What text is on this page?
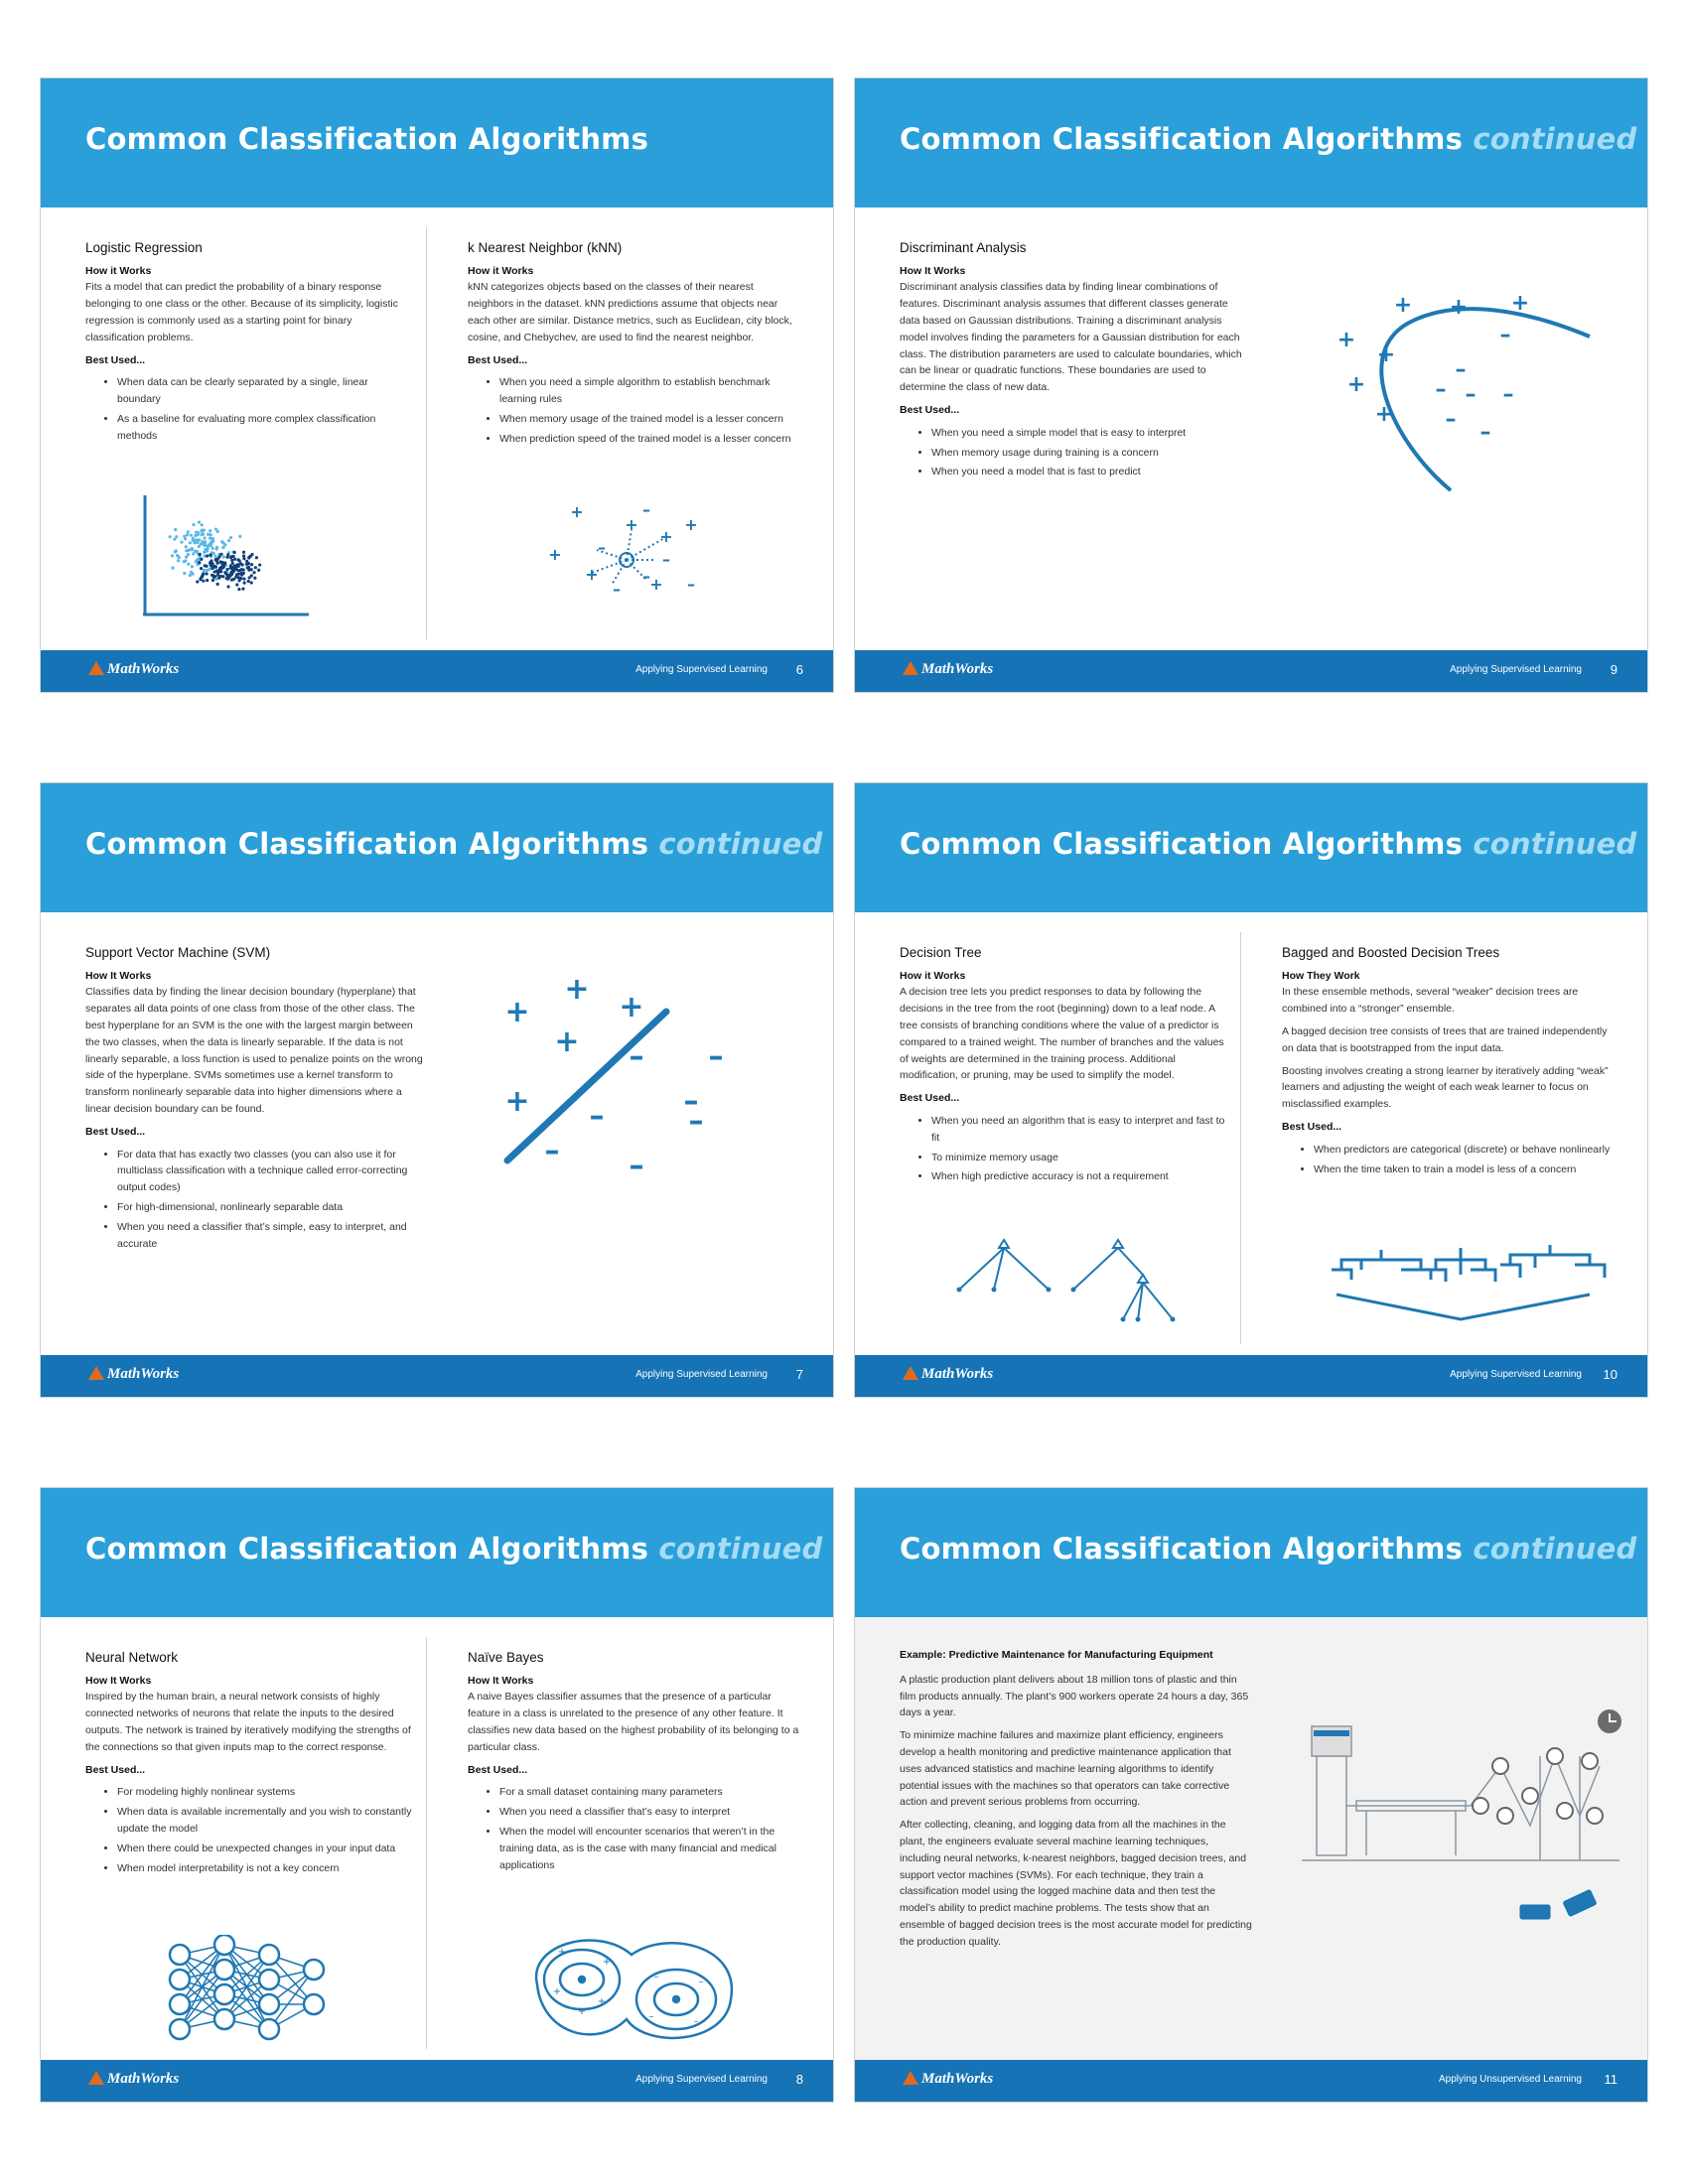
Common Classification Algorithms
Logistic Regression
How it Works

Fits a model that can predict the probability of a binary response belonging to one class or the other. Because of its simplicity, logistic regression is commonly used as a starting point for binary classification problems.

Best Used...
• When data can be clearly separated by a single, linear boundary
• As a baseline for evaluating more complex classification methods
k Nearest Neighbor (kNN)
How it Works

kNN categorizes objects based on the classes of their nearest neighbors in the dataset. kNN predictions assume that objects near each other are similar. Distance metrics, such as Euclidean, city block, cosine, and Chebychev, are used to find the nearest neighbor.

Best Used...
• When you need a simple algorithm to establish benchmark learning rules
• When memory usage of the trained model is a lesser concern
• When prediction speed of the trained model is a lesser concern
+
+	+
+
+
+
+
–
–
–
–
–	–
MathWorks	Applying Supervised Learning 6
Common Classification Algorithms continued
Discriminant Analysis
How It Works

Discriminant analysis classifies data by finding linear combinations of features. Discriminant analysis assumes that different classes generate data based on Gaussian distributions. Training a discriminant analysis model involves finding the parameters for a Gaussian distribution for each class. The distribution parameters are used to calculate boundaries, which can be linear or quadratic functions. These boundaries are used to determine the class of new data.

Best Used...
• When you need a simple model that is easy to interpret
• When memory usage during training is a concern
• When you need a model that is fast to predict
+ + +
+
+
+
+
–
–
– – –
–
–
MathWorks	Applying Supervised Learning 9
Common Classification Algorithms continued
Support Vector Machine (SVM)
How It Works

Classifies data by finding the linear decision boundary (hyperplane) that separates all data points of one class from those of the other class. The best hyperplane for an SVM is the one with the largest margin between the two classes, when the data is linearly separable. If the data is not linearly separable, a loss function is used to penalize points on the wrong side of the hyperplane. SVMs sometimes use a kernel transform to transform nonlinearly separable data into higher dimensions where a linear decision boundary can be found.

Best Used...
• For data that has exactly two classes (you can also use it for multiclass classification with a technique called error-correcting output codes)
• For high-dimensional, nonlinearly separable data
• When you need a classifier that’s simple, easy to interpret, and accurate
+
+	+
+
+
– –
–
–
–
– –
MathWorks	Applying Supervised Learning 7
Common Classification Algorithms continued
Decision Tree
How it Works

A decision tree lets you predict responses to data by following the decisions in the tree from the root (beginning) down to a leaf node. A tree consists of branching conditions where the value of a predictor is compared to a trained weight. The number of branches and the values of weights are determined in the training process. Additional modification, or pruning, may be used to simplify the model.

Best Used...
• When you need an algorithm that is easy to interpret and fast to fit
• To minimize memory usage
• When high predictive accuracy is not a requirement
Bagged and Boosted Decision Trees
How They Work

In these ensemble methods, several “weaker” decision trees are combined into a “stronger” ensemble.

A bagged decision tree consists of trees that are trained independently on data that is bootstrapped from the input data.

Boosting involves creating a strong learner by iteratively adding “weak” learners and adjusting the weight of each weak learner to focus on misclassified examples.

Best Used...
• When predictors are categorical (discrete) or behave nonlinearly
• When the time taken to train a model is less of a concern
MathWorks	Applying Supervised Learning 10
Common Classification Algorithms continued
Neural Network
How It Works

Inspired by the human brain, a neural network consists of highly connected networks of neurons that relate the inputs to the desired outputs. The network is trained by iteratively modifying the strengths of the connections so that given inputs map to the correct response.

Best Used...
• For modeling highly nonlinear systems
• When data is available incrementally and you wish to constantly update the model
• When there could be unexpected changes in your input data
• When model interpretability is not a key concern
Naïve Bayes
How It Works

A naive Bayes classifier assumes that the presence of a particular feature in a class is unrelated to the presence of any other feature. It classifies new data based on the highest probability of its belonging to a particular class.

Best Used...
• For a small dataset containing many parameters
• When you need a classifier that’s easy to interpret
• When the model will encounter scenarios that weren’t in the training data, as is the case with many financial and medical applications
+
+
+
+
+
–	–
–	–
MathWorks	Applying Supervised Learning 8
Common Classification Algorithms continued
Example: Predictive Maintenance for Manufacturing Equipment

A plastic production plant delivers about 18 million tons of plastic and thin film products annually. The plant’s 900 workers operate 24 hours a day, 365 days a year.

To minimize machine failures and maximize plant efficiency, engineers develop a health monitoring and predictive maintenance application that uses advanced statistics and machine learning algorithms to identify potential issues with the machines so that operators can take corrective action and prevent serious problems from occurring.

After collecting, cleaning, and logging data from all the machines in the plant, the engineers evaluate several machine learning techniques, including neural networks, k-nearest neighbors, bagged decision trees, and support vector machines (SVMs). For each technique, they train a classification model using the logged machine data and then test the model’s ability to predict machine problems. The tests show that an ensemble of bagged decision trees is the most accurate model for predicting the production quality.

MathWorks	Applying Unsupervised Learning 11
